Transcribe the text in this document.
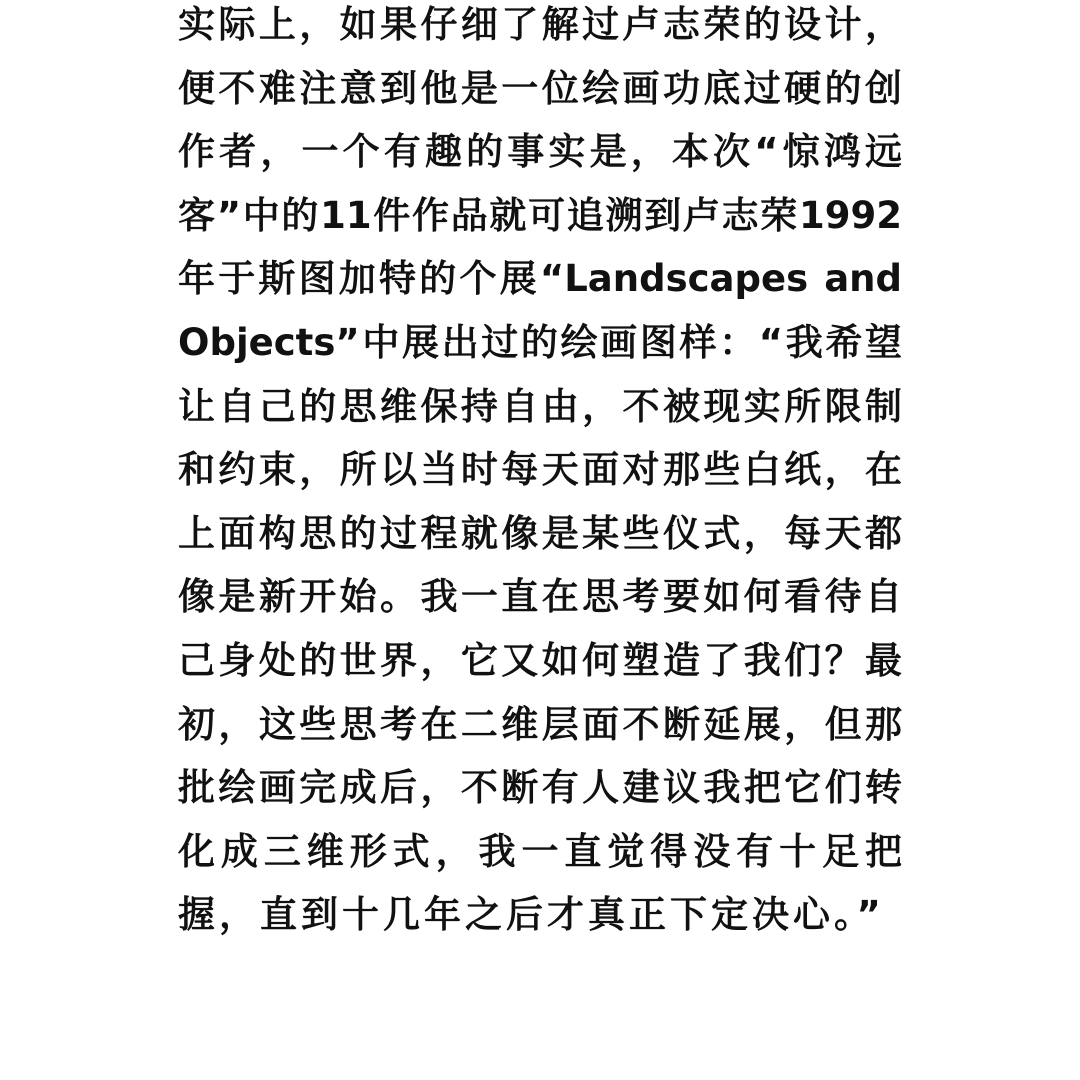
实际上，如果仔细了解过卢志荣的设计，
便不难注意到他是一位绘画功底过硬的创
作者，一个有趣的事实是，本次“惊鸿远
客”中的11件作品就可追溯到卢志荣1992
年于斯图加特的个展“Landscapes and
Objects”中展出过的绘画图样：“我希望
让自己的思维保持自由，不被现实所限制
和约束，所以当时每天面对那些白纸，在
上面构思的过程就像是某些仪式，每天都
像是新开始。我一直在思考要如何看待自
己身处的世界，它又如何塑造了我们？最
初，这些思考在二维层面不断延展，但那
批绘画完成后，不断有人建议我把它们转
化成三维形式，我一直觉得没有十足把
握，直到十几年之后才真正下定决心。”
